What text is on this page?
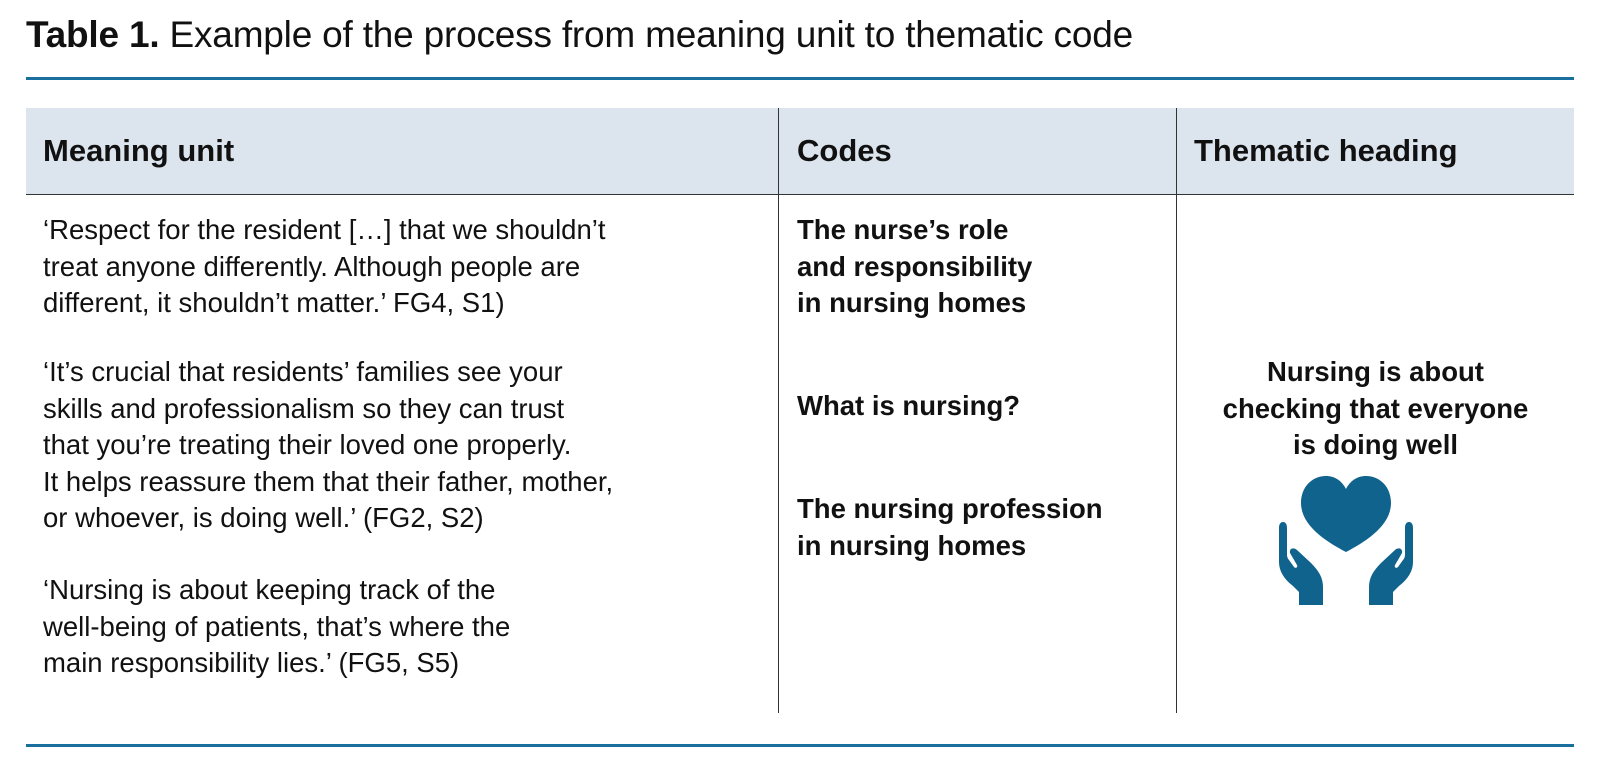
Table 1. Example of the process from meaning unit to thematic code
Meaning unit	Codes	Thematic heading
‘Respect for the resident […] that we shouldn’t
treat anyone differently. Although people are
different, it shouldn’t matter.’ FG4, S1)
‘It’s crucial that residents’ families see your
skills and professionalism so they can trust
that you’re treating their loved one properly.
It helps reassure them that their father, mother,
or whoever, is doing well.’ (FG2, S2)
‘Nursing is about keeping track of the
well-being of patients, that’s where the
main responsibility lies.’ (FG5, S5)
The nurse’s role
and responsibility
in nursing homes
What is nursing?
The nursing profession
in nursing homes
Nursing is about
checking that everyone
is doing well
